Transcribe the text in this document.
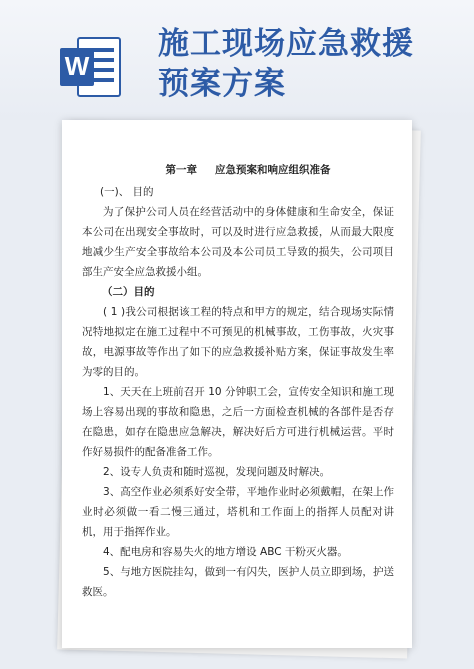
W
施工现场应急救援
预案方案
第一章 应急预案和响应组织准备
(一)、 目的
为了保护公司人员在经营活动中的身体健康和生命安全，保证本公司在出现安全事故时，可以及时进行应急救援，从而最大限度地减少生产安全事故给本公司及本公司员工导致的损失，公司项目部生产安全应急救援小组。
（二）目的
( 1 )我公司根据该工程的特点和甲方的规定，结合现场实际情况特地拟定在施工过程中不可预见的机械事故，工伤事故，火灾事故，电源事故等作出了如下的应急救援补贴方案，保证事故发生率为零的目的。
1、天天在上班前召开 10 分钟职工会，宣传安全知识和施工现场上容易出现的事故和隐患，之后一方面检查机械的各部件是否存在隐患，如存在隐患应急解决，解决好后方可进行机械运营。平时作好易损件的配备准备工作。
2、设专人负责和随时巡视，发现问题及时解决。
3、高空作业必须系好安全带，平地作业时必须戴帽，在架上作业时必须做一看二慢三通过，塔机和工作面上的指挥人员配对讲机，用于指挥作业。
4、配电房和容易失火的地方增设 ABC 干粉灭火器。
5、与地方医院挂勾，做到一有闪失，医护人员立即到场，护送救医。
